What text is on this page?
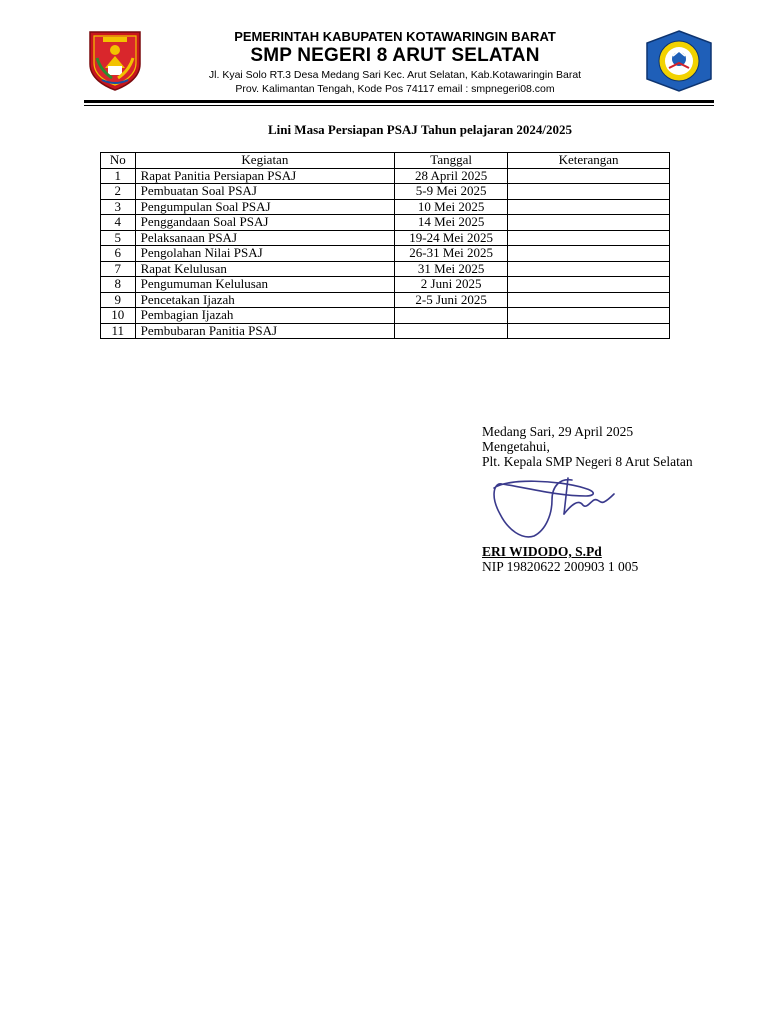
PEMERINTAH KABUPATEN KOTAWARINGIN BARAT
SMP NEGERI 8 ARUT SELATAN
Jl. Kyai Solo RT.3 Desa Medang Sari Kec. Arut Selatan, Kab.Kotawaringin Barat
Prov. Kalimantan Tengah, Kode Pos 74117 email : smpnegeri08.com
Lini Masa Persiapan PSAJ Tahun pelajaran 2024/2025
No	Kegiatan	Tanggal	Keterangan
1	Rapat Panitia Persiapan PSAJ	28 April 2025	
2	Pembuatan Soal PSAJ	5-9 Mei 2025	
3	Pengumpulan Soal PSAJ	10 Mei 2025	
4	Penggandaan Soal PSAJ	14 Mei 2025	
5	Pelaksanaan PSAJ	19-24 Mei 2025	
6	Pengolahan Nilai PSAJ	26-31 Mei 2025	
7	Rapat Kelulusan	31 Mei 2025	
8	Pengumuman Kelulusan	2 Juni 2025	
9	Pencetakan Ijazah	2-5 Juni 2025	
10	Pembagian Ijazah		
11	Pembubaran Panitia PSAJ		
Medang Sari, 29 April 2025
Mengetahui,
Plt. Kepala SMP Negeri 8 Arut Selatan
ERI WIDODO, S.Pd
NIP 19820622 200903 1 005
